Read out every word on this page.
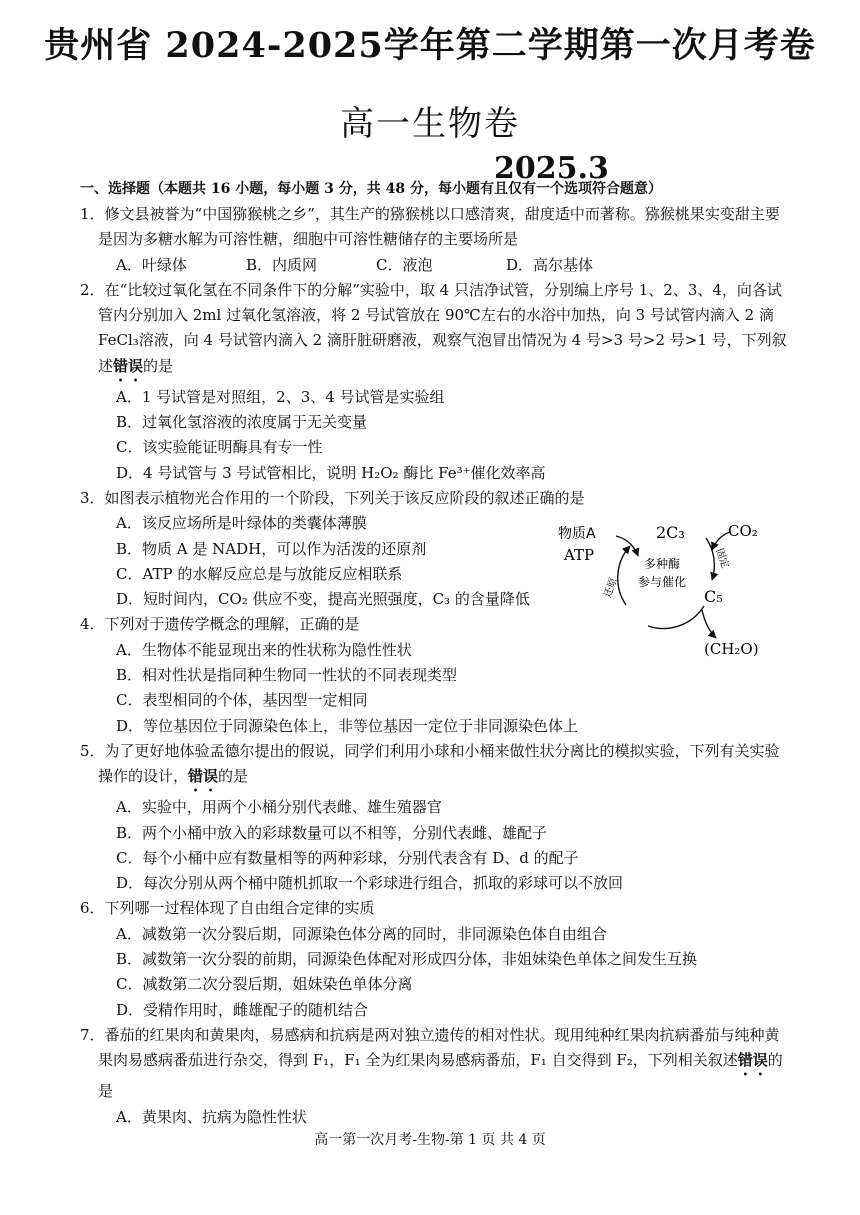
贵州省 2024-2025学年第二学期第一次月考卷
高一生物卷
2025.3
一、选择题（本题共 16 小题，每小题 3 分，共 48 分，每小题有且仅有一个选项符合题意）
1．修文县被誉为“中国猕猴桃之乡”，其生产的猕猴桃以口感清爽，甜度适中而著称。猕猴桃果实变甜主要是因为多糖水解为可溶性糖，细胞中可溶性糖储存的主要场所是
A．叶绿体	B．内质网	C．液泡	D．高尔基体
2．在“比较过氧化氢在不同条件下的分解”实验中，取 4 只洁净试管，分别编上序号 1、2、3、4，向各试管内分别加入 2ml 过氧化氢溶液，将 2 号试管放在 90℃左右的水浴中加热，向 3 号试管内滴入 2 滴 FeCl₃溶液，向 4 号试管内滴入 2 滴肝脏研磨液，观察气泡冒出情况为 4 号>3 号>2 号>1 号，下列叙述错误的是
A．1 号试管是对照组，2、3、4 号试管是实验组
B．过氧化氢溶液的浓度属于无关变量
C．该实验能证明酶具有专一性
D．4 号试管与 3 号试管相比，说明 H₂O₂ 酶比 Fe³⁺催化效率高
3．如图表示植物光合作用的一个阶段，下列关于该反应阶段的叙述正确的是
A．该反应场所是叶绿体的类囊体薄膜
B．物质 A 是 NADH，可以作为活泼的还原剂
C．ATP 的水解反应总是与放能反应相联系
D．短时间内，CO₂ 供应不变，提高光照强度，C₃ 的含量降低
4．下列对于遗传学概念的理解，正确的是
A．生物体不能显现出来的性状称为隐性性状
B．相对性状是指同种生物同一性状的不同表现类型
C．表型相同的个体，基因型一定相同
D．等位基因位于同源染色体上，非等位基因一定位于非同源染色体上
5．为了更好地体验孟德尔提出的假说，同学们利用小球和小桶来做性状分离比的模拟实验，下列有关实验操作的设计，错误的是
A．实验中，用两个小桶分别代表雌、雄生殖器官
B．两个小桶中放入的彩球数量可以不相等，分别代表雌、雄配子
C．每个小桶中应有数量相等的两种彩球，分别代表含有 D、d 的配子
D．每次分别从两个桶中随机抓取一个彩球进行组合，抓取的彩球可以不放回
6．下列哪一过程体现了自由组合定律的实质
A．减数第一次分裂后期，同源染色体分离的同时，非同源染色体自由组合
B．减数第一次分裂的前期，同源染色体配对形成四分体，非姐妹染色单体之间发生互换
C．减数第二次分裂后期，姐妹染色单体分离
D．受精作用时，雌雄配子的随机结合
7．番茄的红果肉和黄果肉，易感病和抗病是两对独立遗传的相对性状。现用纯种红果肉抗病番茄与纯种黄果肉易感病番茄进行杂交，得到 F₁，F₁ 全为红果肉易感病番茄，F₁ 自交得到 F₂，下列相关叙述错误的是
A．黄果肉、抗病为隐性性状
物质A
ATP
2C₃	CO₂
C₅
(CH₂O)
多种酶
参与催化
固定
还原
高一第一次月考-生物-第 1 页 共 4 页
